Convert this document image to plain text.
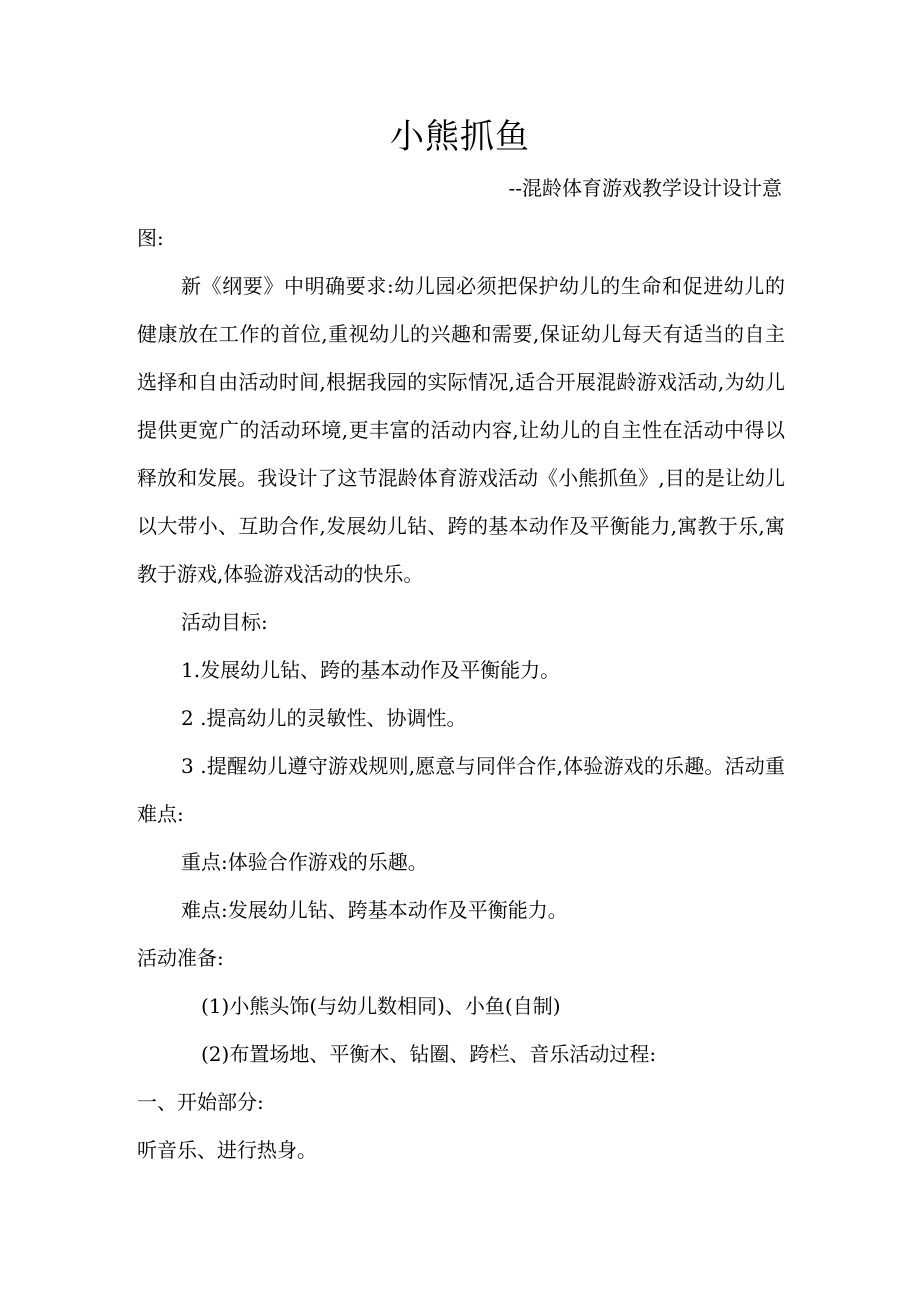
小熊抓鱼
--混龄体育游戏教学设计设计意

图:

新《纲要》中明确要求:幼儿园必须把保护幼儿的生命和促进幼儿的健康放在工作的首位,重视幼儿的兴趣和需要,保证幼儿每天有适当的自主选择和自由活动时间,根据我园的实际情况,适合开展混龄游戏活动,为幼儿提供更宽广的活动环境,更丰富的活动内容,让幼儿的自主性在活动中得以释放和发展。我设计了这节混龄体育游戏活动《小熊抓鱼》,目的是让幼儿以大带小、互助合作,发展幼儿钻、跨的基本动作及平衡能力,寓教于乐,寓教于游戏,体验游戏活动的快乐。

活动目标:

1.发展幼儿钻、跨的基本动作及平衡能力。

2 .提高幼儿的灵敏性、协调性。

3 .提醒幼儿遵守游戏规则,愿意与同伴合作,体验游戏的乐趣。活动重难点:

重点:体验合作游戏的乐趣。

难点:发展幼儿钻、跨基本动作及平衡能力。

活动准备:

(1)小熊头饰(与幼儿数相同)、小鱼(自制)

(2)布置场地、平衡木、钻圈、跨栏、音乐活动过程:

一、开始部分:

听音乐、进行热身。
